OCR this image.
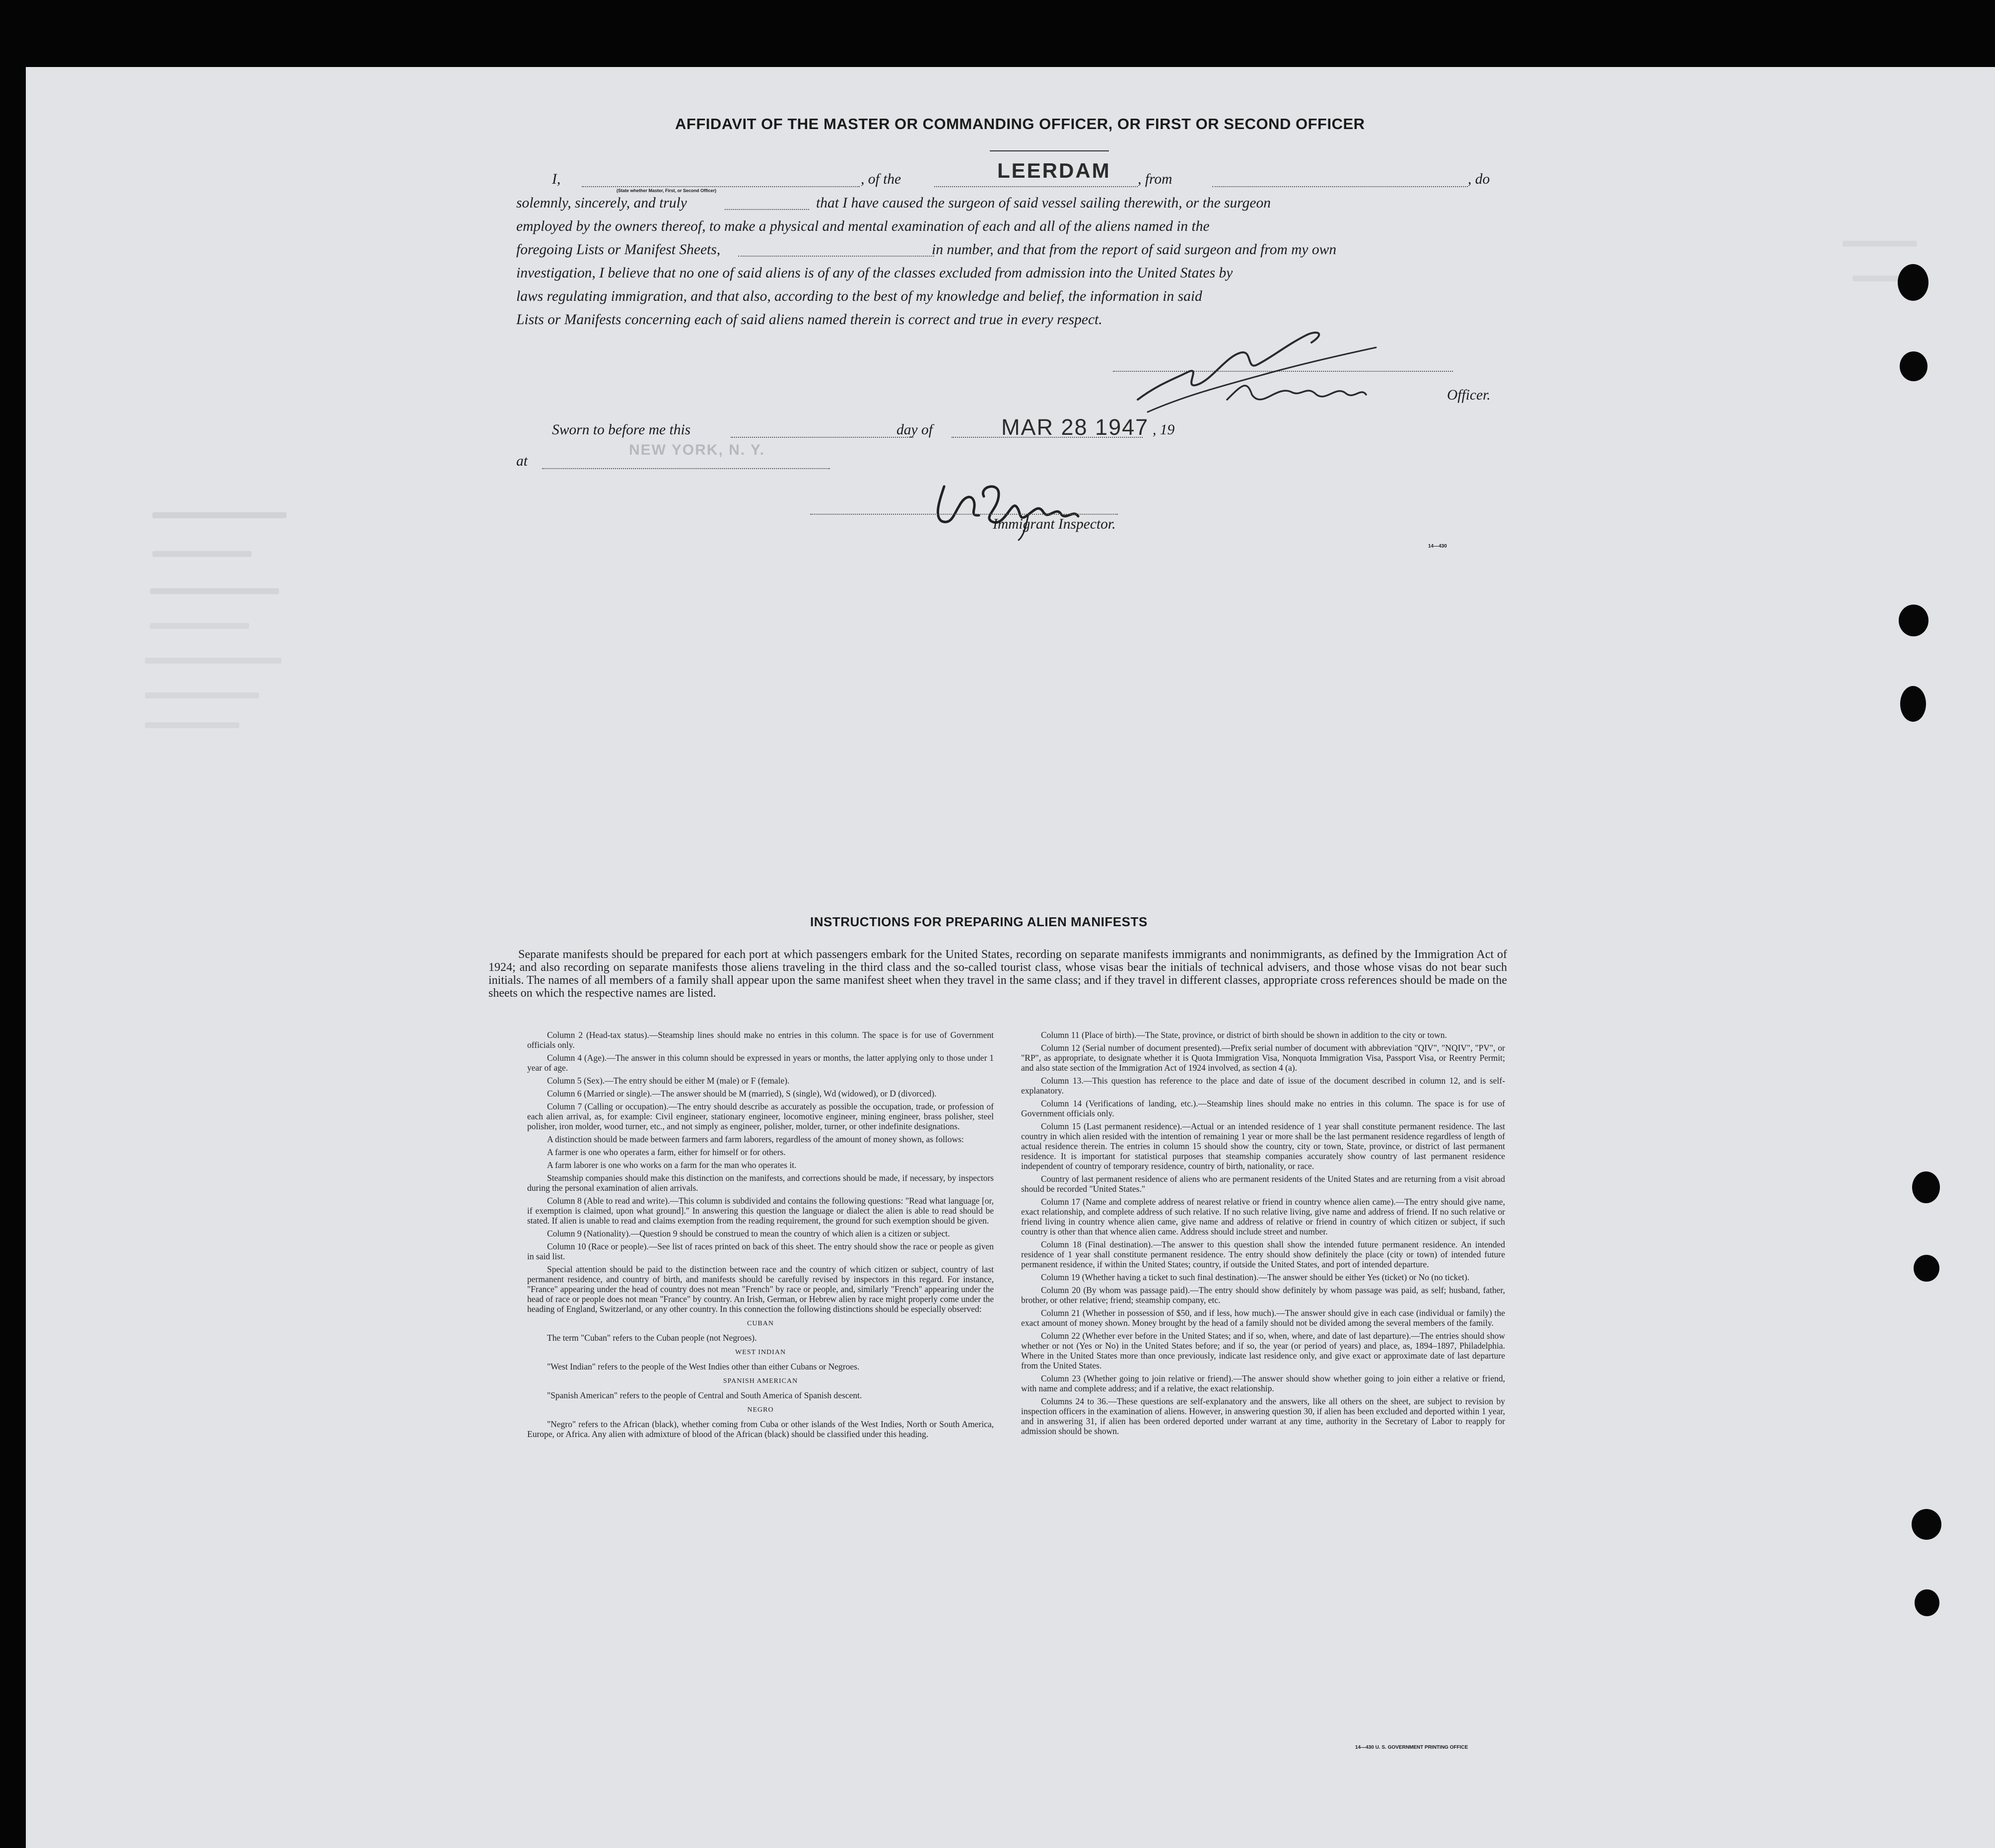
AFFIDAVIT OF THE MASTER OR COMMANDING OFFICER, OR FIRST OR SECOND OFFICER
I,
(State whether Master, First, or Second Officer)
, of the	LEERDAM , from	, do
solemnly, sincerely, and truly	that I have caused the surgeon of said vessel sailing therewith, or the surgeon
employed by the owners thereof, to make a physical and mental examination of each and all of the aliens named in the
foregoing Lists or Manifest Sheets,	in number, and that from the report of said surgeon and from my own
investigation, I believe that no one of said aliens is of any of the classes excluded from admission into the United States by
laws regulating immigration, and that also, according to the best of my knowledge and belief, the information in said
Lists or Manifests concerning each of said aliens named therein is correct and true in every respect.
Officer.
Sworn to before me this	day of	MAR 28 1947 , 19
NEW YORK, N. Y.
at
Immigrant Inspector.
14—430
INSTRUCTIONS FOR PREPARING ALIEN MANIFESTS

Separate manifests should be prepared for each port at which passengers embark for the United States, recording on separate manifests immigrants and nonimmigrants, as defined by the Immigration Act of 1924; and also recording on separate manifests those aliens traveling in the third class and the so-called tourist class, whose visas bear the initials of technical advisers, and those whose visas do not bear such initials. The names of all members of a family shall appear upon the same manifest sheet when they travel in the same class; and if they travel in different classes, appropriate cross references should be made on the sheets on which the respective names are listed.

Column 2 (Head-tax status).—Steamship lines should make no entries in this column. The space is for use of Government officials only.

Column 4 (Age).—The answer in this column should be expressed in years or months, the latter applying only to those under 1 year of age.

Column 5 (Sex).—The entry should be either M (male) or F (female).

Column 6 (Married or single).—The answer should be M (married), S (single), Wd (widowed), or D (divorced).

Column 7 (Calling or occupation).—The entry should describe as accurately as possible the occupation, trade, or profession of each alien arrival, as, for example: Civil engineer, stationary engineer, locomotive engineer, mining engineer, brass polisher, steel polisher, iron molder, wood turner, etc., and not simply as engineer, polisher, molder, turner, or other indefinite designations.

A distinction should be made between farmers and farm laborers, regardless of the amount of money shown, as follows:

A farmer is one who operates a farm, either for himself or for others.

A farm laborer is one who works on a farm for the man who operates it.

Steamship companies should make this distinction on the manifests, and corrections should be made, if necessary, by inspectors during the personal examination of alien arrivals.

Column 8 (Able to read and write).—This column is subdivided and contains the following questions: "Read what language [or, if exemption is claimed, upon what ground]." In answering this question the language or dialect the alien is able to read should be stated. If alien is unable to read and claims exemption from the reading requirement, the ground for such exemption should be given.

Column 9 (Nationality).—Question 9 should be construed to mean the country of which alien is a citizen or subject.

Column 10 (Race or people).—See list of races printed on back of this sheet. The entry should show the race or people as given in said list.

Special attention should be paid to the distinction between race and the country of which citizen or subject, country of last permanent residence, and country of birth, and manifests should be carefully revised by inspectors in this regard. For instance, "France" appearing under the head of country does not mean "French" by race or people, and, similarly "French" appearing under the head of race or people does not mean "France" by country. An Irish, German, or Hebrew alien by race might properly come under the heading of England, Switzerland, or any other country. In this connection the following distinctions should be especially observed:

CUBAN

The term "Cuban" refers to the Cuban people (not Negroes).

WEST INDIAN

"West Indian" refers to the people of the West Indies other than either Cubans or Negroes.

SPANISH AMERICAN

"Spanish American" refers to the people of Central and South America of Spanish descent.

NEGRO

"Negro" refers to the African (black), whether coming from Cuba or other islands of the West Indies, North or South America, Europe, or Africa. Any alien with admixture of blood of the African (black) should be classified under this heading.

Column 11 (Place of birth).—The State, province, or district of birth should be shown in addition to the city or town.

Column 12 (Serial number of document presented).—Prefix serial number of document with abbreviation "QIV", "NQIV", "PV", or "RP", as appropriate, to designate whether it is Quota Immigration Visa, Nonquota Immigration Visa, Passport Visa, or Reentry Permit; and also state section of the Immigration Act of 1924 involved, as section 4 (a).

Column 13.—This question has reference to the place and date of issue of the document described in column 12, and is self-explanatory.

Column 14 (Verifications of landing, etc.).—Steamship lines should make no entries in this column. The space is for use of Government officials only.

Column 15 (Last permanent residence).—Actual or an intended residence of 1 year shall constitute permanent residence. The last country in which alien resided with the intention of remaining 1 year or more shall be the last permanent residence regardless of length of actual residence therein. The entries in column 15 should show the country, city or town, State, province, or district of last permanent residence. It is important for statistical purposes that steamship companies accurately show country of last permanent residence independent of country of temporary residence, country of birth, nationality, or race.

Country of last permanent residence of aliens who are permanent residents of the United States and are returning from a visit abroad should be recorded "United States."

Column 17 (Name and complete address of nearest relative or friend in country whence alien came).—The entry should give name, exact relationship, and complete address of such relative. If no such relative living, give name and address of friend. If no such relative or friend living in country whence alien came, give name and address of relative or friend in country of which citizen or subject, if such country is other than that whence alien came. Address should include street and number.

Column 18 (Final destination).—The answer to this question shall show the intended future permanent residence. An intended residence of 1 year shall constitute permanent residence. The entry should show definitely the place (city or town) of intended future permanent residence, if within the United States; country, if outside the United States, and port of intended departure.

Column 19 (Whether having a ticket to such final destination).—The answer should be either Yes (ticket) or No (no ticket).

Column 20 (By whom was passage paid).—The entry should show definitely by whom passage was paid, as self; husband, father, brother, or other relative; friend; steamship company, etc.

Column 21 (Whether in possession of $50, and if less, how much).—The answer should give in each case (individual or family) the exact amount of money shown. Money brought by the head of a family should not be divided among the several members of the family.

Column 22 (Whether ever before in the United States; and if so, when, where, and date of last departure).—The entries should show whether or not (Yes or No) in the United States before; and if so, the year (or period of years) and place, as, 1894–1897, Philadelphia. Where in the United States more than once previously, indicate last residence only, and give exact or approximate date of last departure from the United States.

Column 23 (Whether going to join relative or friend).—The answer should show whether going to join either a relative or friend, with name and complete address; and if a relative, the exact relationship.

Columns 24 to 36.—These questions are self-explanatory and the answers, like all others on the sheet, are subject to revision by inspection officers in the examination of aliens. However, in answering question 30, if alien has been excluded and deported within 1 year, and in answering 31, if alien has been ordered deported under warrant at any time, authority in the Secretary of Labor to reapply for admission should be shown.

14—430 U. S. GOVERNMENT PRINTING OFFICE
